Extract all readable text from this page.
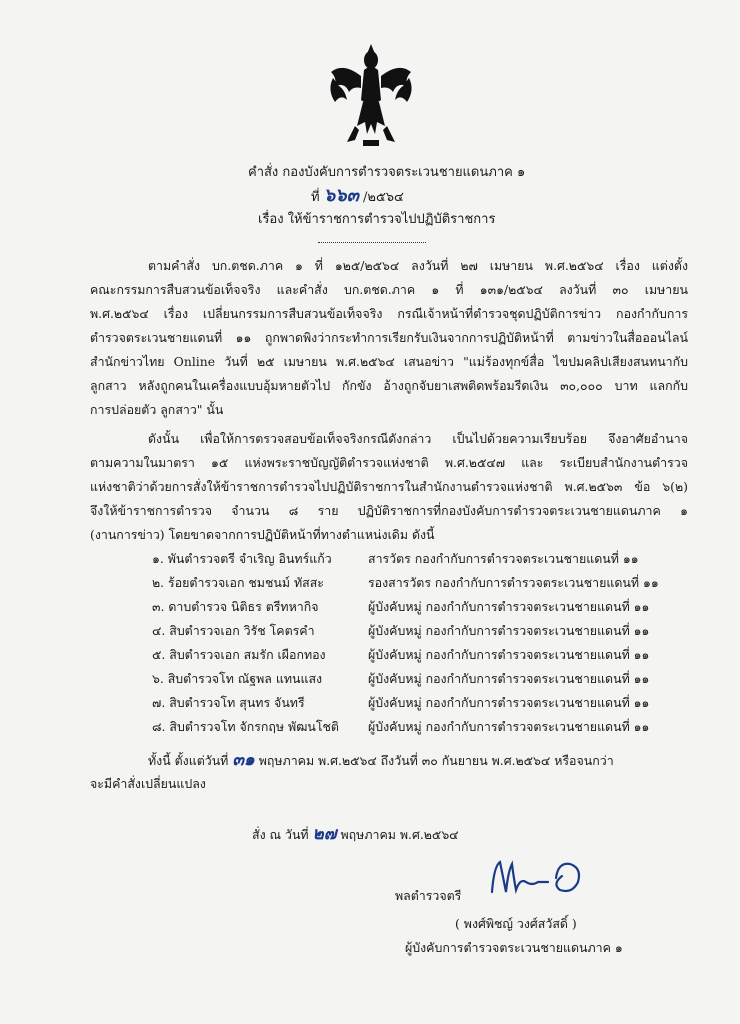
คำสั่ง กองบังคับการตำรวจตระเวนชายแดนภาค ๑
ที่ ๖๖๓ /๒๕๖๔
เรื่อง ให้ข้าราชการตำรวจไปปฏิบัติราชการ
ตามคำสั่ง บก.ตชด.ภาค ๑ ที่ ๑๒๕/๒๕๖๔ ลงวันที่ ๒๗ เมษายน พ.ศ.๒๕๖๔ เรื่อง แต่งตั้ง
คณะกรรมการสืบสวนข้อเท็จจริง และคำสั่ง บก.ตชด.ภาค ๑ ที่ ๑๓๑/๒๕๖๔ ลงวันที่ ๓๐ เมษายน
พ.ศ.๒๕๖๔ เรื่อง เปลี่ยนกรรมการสืบสวนข้อเท็จจริง กรณีเจ้าหน้าที่ตำรวจชุดปฏิบัติการข่าว กองกำกับการ
ตำรวจตระเวนชายแดนที่ ๑๑ ถูกพาดพิงว่ากระทำการเรียกรับเงินจากการปฏิบัติหน้าที่ ตามข่าวในสื่อออนไลน์
สำนักข่าวไทย Online วันที่ ๒๕ เมษายน พ.ศ.๒๕๖๔ เสนอข่าว "แม่ร้องทุกข์สื่อ ไขปมคลิปเสียงสนทนากับ
ลูกสาว หลังถูกคนในเครื่องแบบอุ้มหายตัวไป กักขัง อ้างถูกจับยาเสพติดพร้อมรีดเงิน ๓๐,๐๐๐ บาท แลกกับ
การปล่อยตัว ลูกสาว" นั้น
ดังนั้น เพื่อให้การตรวจสอบข้อเท็จจริงกรณีดังกล่าว เป็นไปด้วยความเรียบร้อย จึงอาศัยอำนาจ
ตามความในมาตรา ๑๕ แห่งพระราชบัญญัติตำรวจแห่งชาติ พ.ศ.๒๕๔๗ และ ระเบียบสำนักงานตำรวจ
แห่งชาติว่าด้วยการสั่งให้ข้าราชการตำรวจไปปฏิบัติราชการในสำนักงานตำรวจแห่งชาติ พ.ศ.๒๕๖๓ ข้อ ๖(๒)
จึงให้ข้าราชการตำรวจ จำนวน ๘ ราย ปฏิบัติราชการที่กองบังคับการตำรวจตระเวนชายแดนภาค ๑
(งานการข่าว) โดยขาดจากการปฏิบัติหน้าที่ทางตำแหน่งเดิม ดังนี้
๑. พันตำรวจตรี จำเริญ อินทร์แก้ว	สารวัตร กองกำกับการตำรวจตระเวนชายแดนที่ ๑๑
๒. ร้อยตำรวจเอก ชมชนม์ ทัสสะ	รองสารวัตร กองกำกับการตำรวจตระเวนชายแดนที่ ๑๑
๓. ดาบตำรวจ นิติธร ตรีทหากิจ	ผู้บังคับหมู่ กองกำกับการตำรวจตระเวนชายแดนที่ ๑๑
๔. สิบตำรวจเอก วิรัช โคตรคำ	ผู้บังคับหมู่ กองกำกับการตำรวจตระเวนชายแดนที่ ๑๑
๕. สิบตำรวจเอก สมรัก เผือกทอง	ผู้บังคับหมู่ กองกำกับการตำรวจตระเวนชายแดนที่ ๑๑
๖. สิบตำรวจโท ณัฐพล แทนแสง	ผู้บังคับหมู่ กองกำกับการตำรวจตระเวนชายแดนที่ ๑๑
๗. สิบตำรวจโท สุนทร จันทรี	ผู้บังคับหมู่ กองกำกับการตำรวจตระเวนชายแดนที่ ๑๑
๘. สิบตำรวจโท จักรกฤษ พัฒนโชติ ผู้บังคับหมู่ กองกำกับการตำรวจตระเวนชายแดนที่ ๑๑
ทั้งนี้ ตั้งแต่วันที่ ๓๑ พฤษภาคม พ.ศ.๒๕๖๔ ถึงวันที่ ๓๐ กันยายน พ.ศ.๒๕๖๔ หรือจนกว่า
จะมีคำสั่งเปลี่ยนแปลง
สั่ง ณ วันที่ ๒๗ พฤษภาคม พ.ศ.๒๕๖๔
พลตำรวจตรี
( พงศ์พิชญ์ วงศ์สวัสดิ์ )
ผู้บังคับการตำรวจตระเวนชายแดนภาค ๑
